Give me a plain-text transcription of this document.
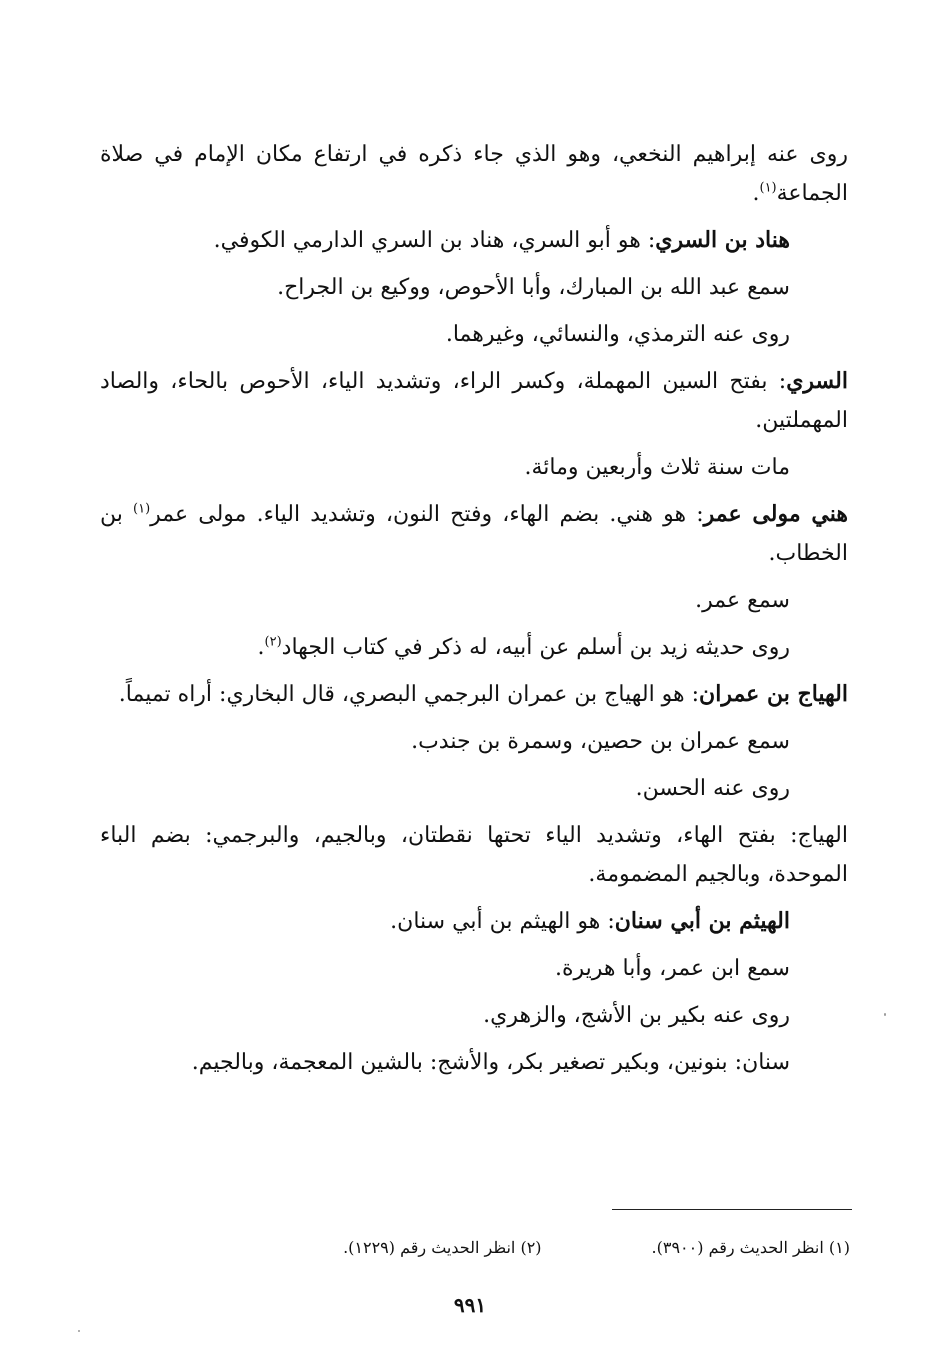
روى عنه إبراهيم النخعي، وهو الذي جاء ذكره في ارتفاع مكان الإمام في صلاة الجماعة$^{(١)}$.

هناد بن السري: هو أبو السري، هناد بن السري الدارمي الكوفي.

سمع عبد الله بن المبارك، وأبا الأحوص، ووكيع بن الجراح.

روى عنه الترمذي، والنسائي، وغيرهما.

السري: بفتح السين المهملة، وكسر الراء، وتشديد الياء، الأحوص بالحاء، والصاد المهملتين.

مات سنة ثلاث وأربعين ومائة.

هني مولى عمر: هو هني. بضم الهاء، وفتح النون، وتشديد الياء. مولى عمر$^{(١)}$ بن الخطاب.

سمع عمر.

روى حديثه زيد بن أسلم عن أبيه، له ذكر في كتاب الجهاد$^{(٢)}$.

الهياج بن عمران: هو الهياج بن عمران البرجمي البصري، قال البخاري: أراه تميماً.

سمع عمران بن حصين، وسمرة بن جندب.

روى عنه الحسن.

الهياج: بفتح الهاء، وتشديد الياء تحتها نقطتان، وبالجيم، والبرجمي: بضم الباء الموحدة، وبالجيم المضمومة.

الهيثم بن أبي سنان: هو الهيثم بن أبي سنان.

سمع ابن عمر، وأبا هريرة.

روى عنه بكير بن الأشج، والزهري.

سنان: بنونين، وبكير تصغير بكر، والأشج: بالشين المعجمة، وبالجيم.

(١) انظر الحديث رقم (٣٩٠٠).
(٢) انظر الحديث رقم (١٢٢٩).
٩٩١
